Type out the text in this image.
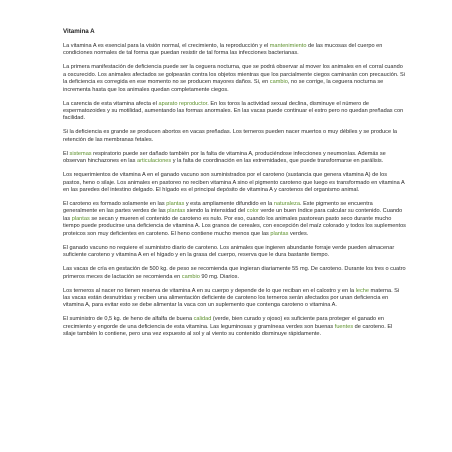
Vitamina A

La vitamina A es esencial para la visión normal, el crecimiento, la reproducción y el mantenimiento de las mucosas del cuerpo en condiciones normales de tal forma que puedan resistir de tal forma las infecciones bacterianas.

La primera manifestación de deficiencia puede ser la ceguera nocturna, que se podrá observar al mover los animales en el corral cuando a oscurecido. Los animales afectados se golpearán contra los objetos mientras que los parcialmente ciegos caminarán con precaución. Si la deficiencia es corregida en ese momento no se producen mayores daños. Si, en cambio, no se corrige, la ceguera nocturna se incrementa hasta que los animales quedan completamente ciegos.

La carencia de esta vitamina afecta el aparato reproductor. En los toros la actividad sexual declina, disminuye el número de espermatozoides y su motilidad, aumentando las formas anormales. En las vacas puede continuar el estro pero no quedan preñadas con facilidad.

Si la deficiencia es grande se producen abortos en vacas preñadas. Los terneros pueden nacer muertos o muy débiles y se produce la retención de las membranas fetales.

El sistemas respiratorio puede ser dañado también por la falta de vitamina A, produciéndose infecciones y neumonías. Además se observan hinchazones en las articulaciones y la falta de coordinación en las extremidades, que puede transformarse en parálisis.

Los requerimientos de vitamina A en el ganado vacuno son suministrados por el caroteno (sustancia que genera vitamina A) de los pastos, heno o silaje. Los animales en pastoreo no reciben vitamina A sino el pigmento caroteno que luego es transformado en vitamina A en las paredes del intestino delgado. El hígado es el principal depósito de vitamina A y carotenos del organismo animal.

El caroteno es formado solamente en las plantas y esta ampliamente difundido en la naturaleza. Este pigmento se encuentra generalmente en las partes verdes de las plantas siendo la intensidad del color verde un buen índice para calcular su contenido. Cuando las plantas se secan y mueren el contenido de caroteno es nulo. Por eso, cuando los animales pastorean pasto seco durante mucho tiempo puede producirse una deficiencia de vitamina A. Los granos de cereales, con excepción del maíz colorado y todos los suplementos proteicos son muy deficientes en caroteno. El heno contiene mucho menos que las plantas verdes.

El ganado vacuno no requiere el suministro diario de caroteno. Los animales que ingieren abundante forraje verde pueden almacenar suficiente caroteno y vitamina A en el hígado y en la grasa del cuerpo, reserva que le dura bastante tiempo.

Las vacas de cría en gestación de 500 kg. de peso se recomienda que ingieran diariamente 55 mg. De caroteno. Durante los tres o cuatro primeros meces de lactación se recomienda en cambio 90 mg. Diarios.

Los terneros al nacer no tienen reserva de vitamina A en su cuerpo y depende de lo que reciban en el calostro y en la leche materna. Si las vacas están desnutridas y reciben una alimentación deficiente de caroteno los terneros serán afectados por unan deficiencia en vitamina A, para evitar esto se debe alimentar la vaca con un suplemento que contenga caroteno o vitamina A.

El suministro de 0,5 kg. de heno de alfalfa de buena calidad (verde, bien curado y ojoso) es suficiente para proteger el ganado en crecimiento y engorde de una deficiencia de esta vitamina. Las leguminosas y gramíneas verdes son buenas fuentes de caroteno. El silaje también lo contiene, pero una vez expuesto al sol y al viento su contenido disminuye rápidamente.
